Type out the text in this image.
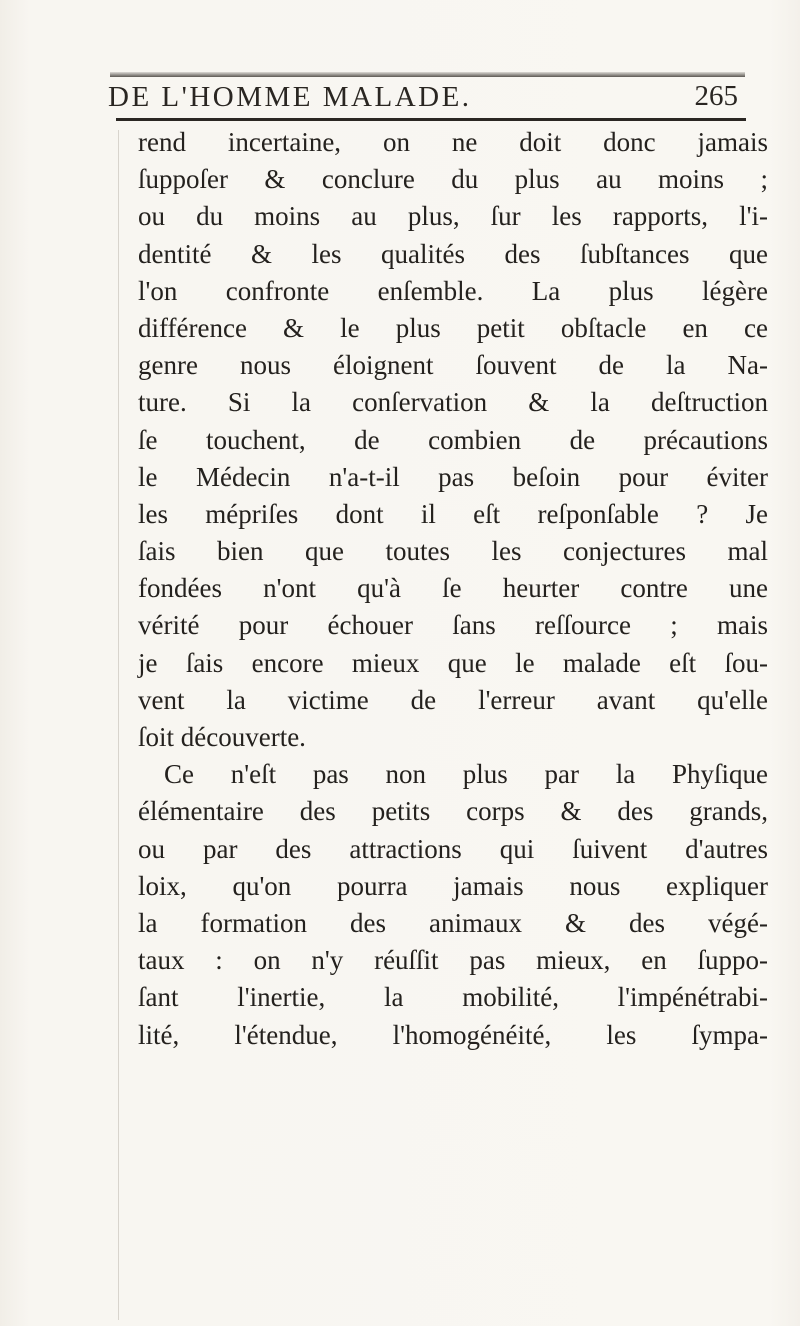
DE L'HOMME MALADE.	265
rend incertaine, on ne doit donc jamais
ſuppoſer & conclure du plus au moins ;
ou du moins au plus, ſur les rapports, l'i-
dentité & les qualités des ſubſtances que
l'on confronte enſemble. La plus légère
différence & le plus petit obſtacle en ce
genre nous éloignent ſouvent de la Na-
ture. Si la conſervation & la deſtruction
ſe touchent, de combien de précautions
le Médecin n'a-t-il pas beſoin pour éviter
les mépriſes dont il eſt reſponſable ? Je
ſais bien que toutes les conjectures mal
fondées n'ont qu'à ſe heurter contre une
vérité pour échouer ſans reſſource ; mais
je ſais encore mieux que le malade eſt ſou-
vent la victime de l'erreur avant qu'elle
ſoit découverte.
Ce n'eſt pas non plus par la Phyſique
élémentaire des petits corps & des grands,
ou par des attractions qui ſuivent d'autres
loix, qu'on pourra jamais nous expliquer
la formation des animaux & des végé-
taux : on n'y réuſſit pas mieux, en ſuppo-
ſant l'inertie, la mobilité, l'impénétrabi-
lité, l'étendue, l'homogénéité, les ſympa-
